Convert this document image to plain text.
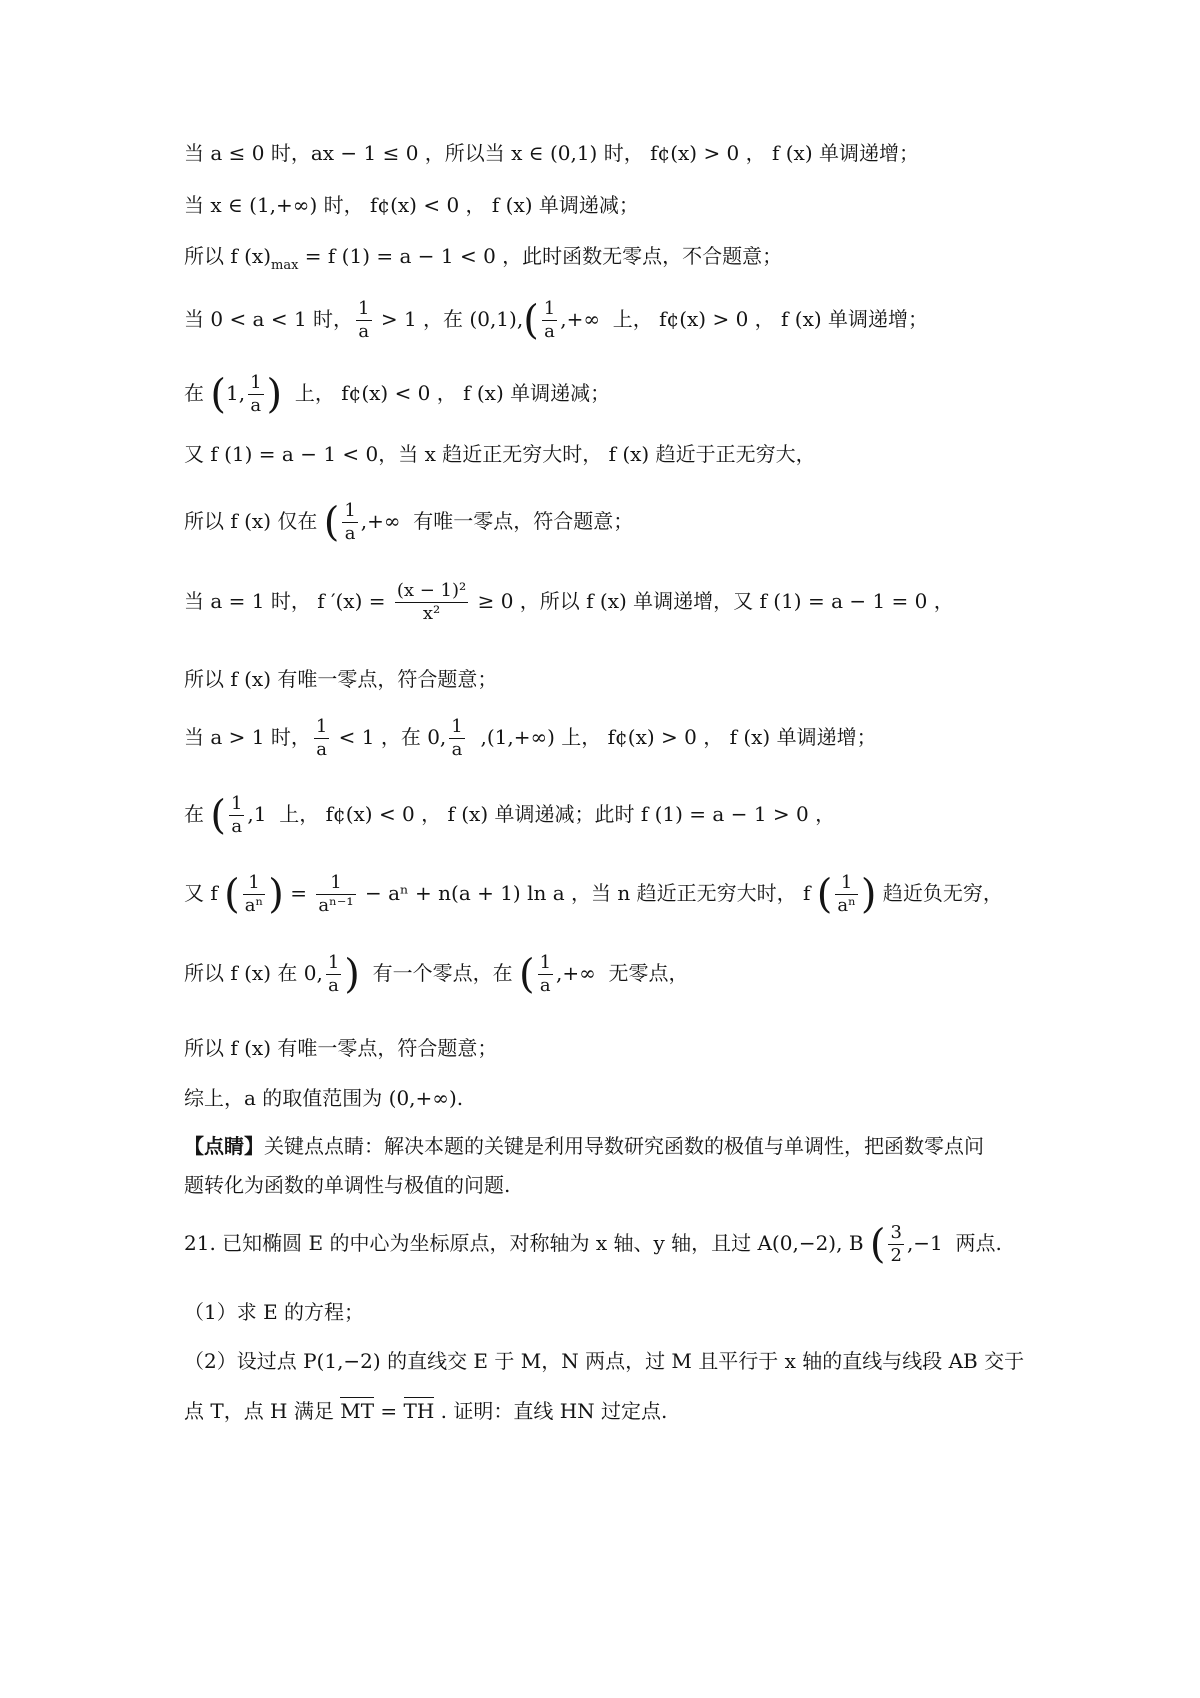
当 a ≤ 0 时，ax − 1 ≤ 0 ，所以当 x ∈ (0,1) 时， f¢(x) > 0 ， f (x) 单调递增；
当 x ∈ (1,+∞) 时， f¢(x) < 0 ， f (x) 单调递减；
所以 f $(x)_{max} = f$ (1) = a − 1 < 0 ，此时函数无零点，不合题意；
当 0 < a < 1 时， $\frac{1}{a} > 1$ ，在 $(0,1),( \frac{1}{a}$ ,+∞  上， f¢(x) > 0 ， f (x) 单调递增；
在 (1, $\frac{1}{a}$ )  上， f¢(x) < 0 ， f (x) 单调递减；
又 f (1) = a − 1 < 0，当 x 趋近正无穷大时， f (x) 趋近于正无穷大，
所以 f (x) 仅在 ( $\frac{1}{a}$ ,+∞  有唯一零点，符合题意；
当 a = 1 时， f $'(x) = \frac{\text{(x − 1)²}}{\text{x²}} \ge 0$ ，所以 f (x) 单调递增，又 f (1) = a − 1 = 0 ，
所以 f (x) 有唯一零点，符合题意；
当 a > 1 时， $\frac{1}{a} < 1$ ，在 0, $\frac{1}{a} ,(1,+\infty)$ 上， f¢(x) > 0 ， f (x) 单调递增；
在 ( $\frac{1}{a} ,1$  上， f¢(x) < 0 ， f (x) 单调递减；此时 f (1) = a − 1 > 0 ，
又 f ( $\frac{1}{\text{aⁿ}}$ ) = $\frac{1}{\text{aⁿ⁻¹}} - a^n + n(a + 1)$ ln a ，当 n 趋近正无穷大时， f ( $\frac{1}{\text{aⁿ}}$ ) 趋近负无穷，
所以 f (x) 在 0, $\frac{1}{a}$ )  有一个零点，在 ( $\frac{1}{a}$ ,+∞  无零点，
所以 f (x) 有唯一零点，符合题意；
综上，a 的取值范围为 (0,+∞).
【点睛】关键点点睛：解决本题的关键是利用导数研究函数的极值与单调性，把函数零点问
题转化为函数的单调性与极值的问题.
21. 已知椭圆 E 的中心为坐标原点，对称轴为 x 轴、y 轴，且过 A(0,−2), B ( $\frac{3}{2} ,-1$  两点.
（1）求 E 的方程；
（2）设过点 P(1,−2) 的直线交 E 于 M，N 两点，过 M 且平行于 x 轴的直线与线段 AB 交于
点 T，点 H 满足 MT = TH . 证明：直线 HN 过定点.
